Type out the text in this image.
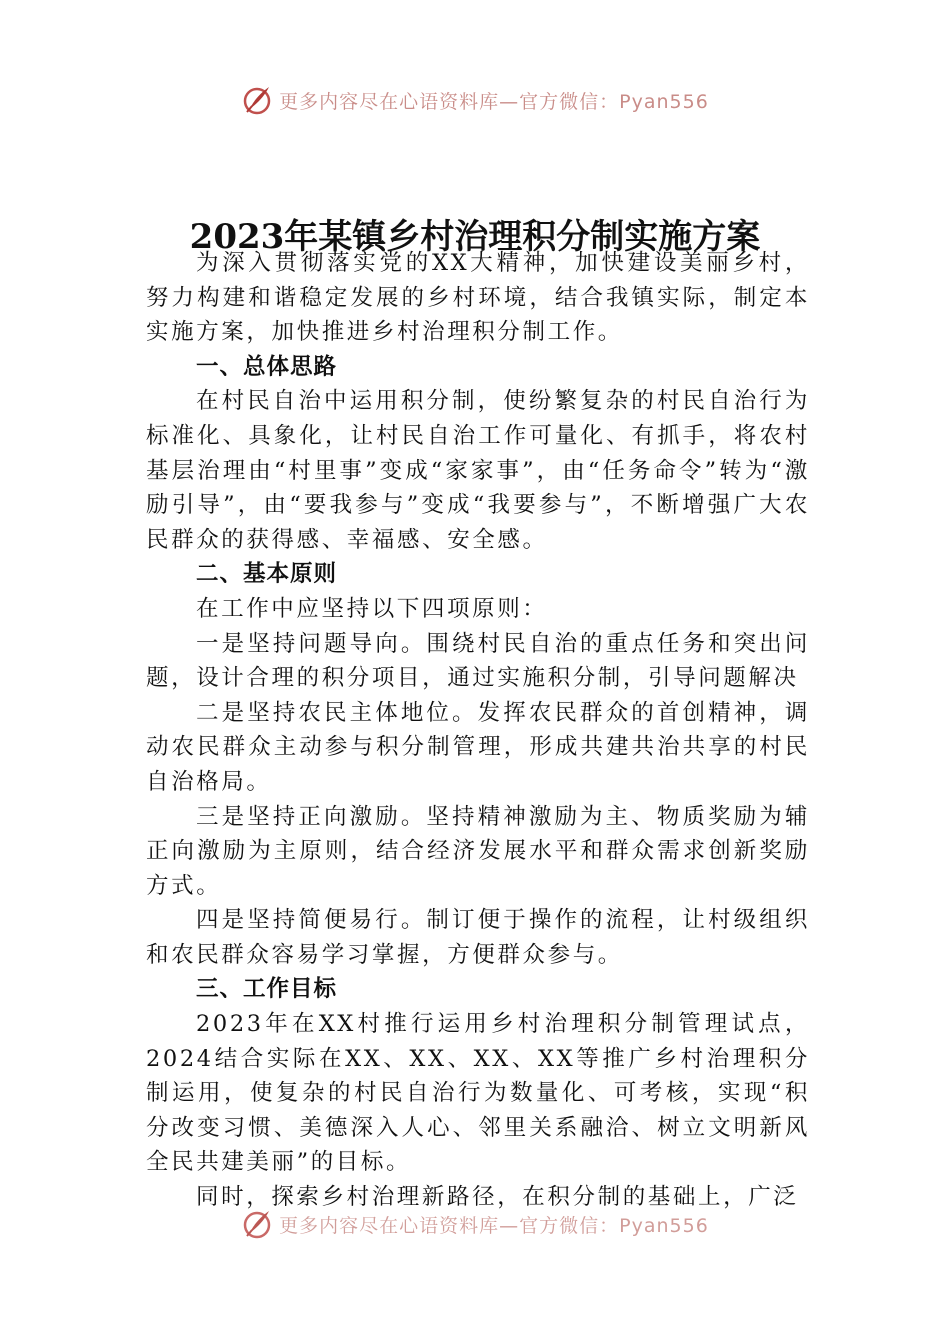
更多内容尽在心语资料库—官方微信：Pyan556
2023年某镇乡村治理积分制实施方案

为深入贯彻落实党的XX大精神，加快建设美丽乡村，努力构建和谐稳定发展的乡村环境，结合我镇实际，制定本实施方案，加快推进乡村治理积分制工作。

一、总体思路

在村民自治中运用积分制，使纷繁复杂的村民自治行为标准化、具象化，让村民自治工作可量化、有抓手，将农村基层治理由“村里事”变成“家家事”，由“任务命令”转为“激励引导”，由“要我参与”变成“我要参与”，不断增强广大农民群众的获得感、幸福感、安全感。

二、基本原则

在工作中应坚持以下四项原则：

一是坚持问题导向。围绕村民自治的重点任务和突出问题，设计合理的积分项目，通过实施积分制，引导问题解决

二是坚持农民主体地位。发挥农民群众的首创精神，调动农民群众主动参与积分制管理，形成共建共治共享的村民自治格局。

三是坚持正向激励。坚持精神激励为主、物质奖励为辅正向激励为主原则，结合经济发展水平和群众需求创新奖励方式。

四是坚持简便易行。制订便于操作的流程，让村级组织和农民群众容易学习掌握，方便群众参与。

三、工作目标

2023年在XX村推行运用乡村治理积分制管理试点，2024结合实际在XX、XX、XX、XX等推广乡村治理积分制运用，使复杂的村民自治行为数量化、可考核，实现“积分改变习惯、美德深入人心、邻里关系融洽、树立文明新风全民共建美丽”的目标。

同时，探索乡村治理新路径，在积分制的基础上，广泛

更多内容尽在心语资料库—官方微信：Pyan556
